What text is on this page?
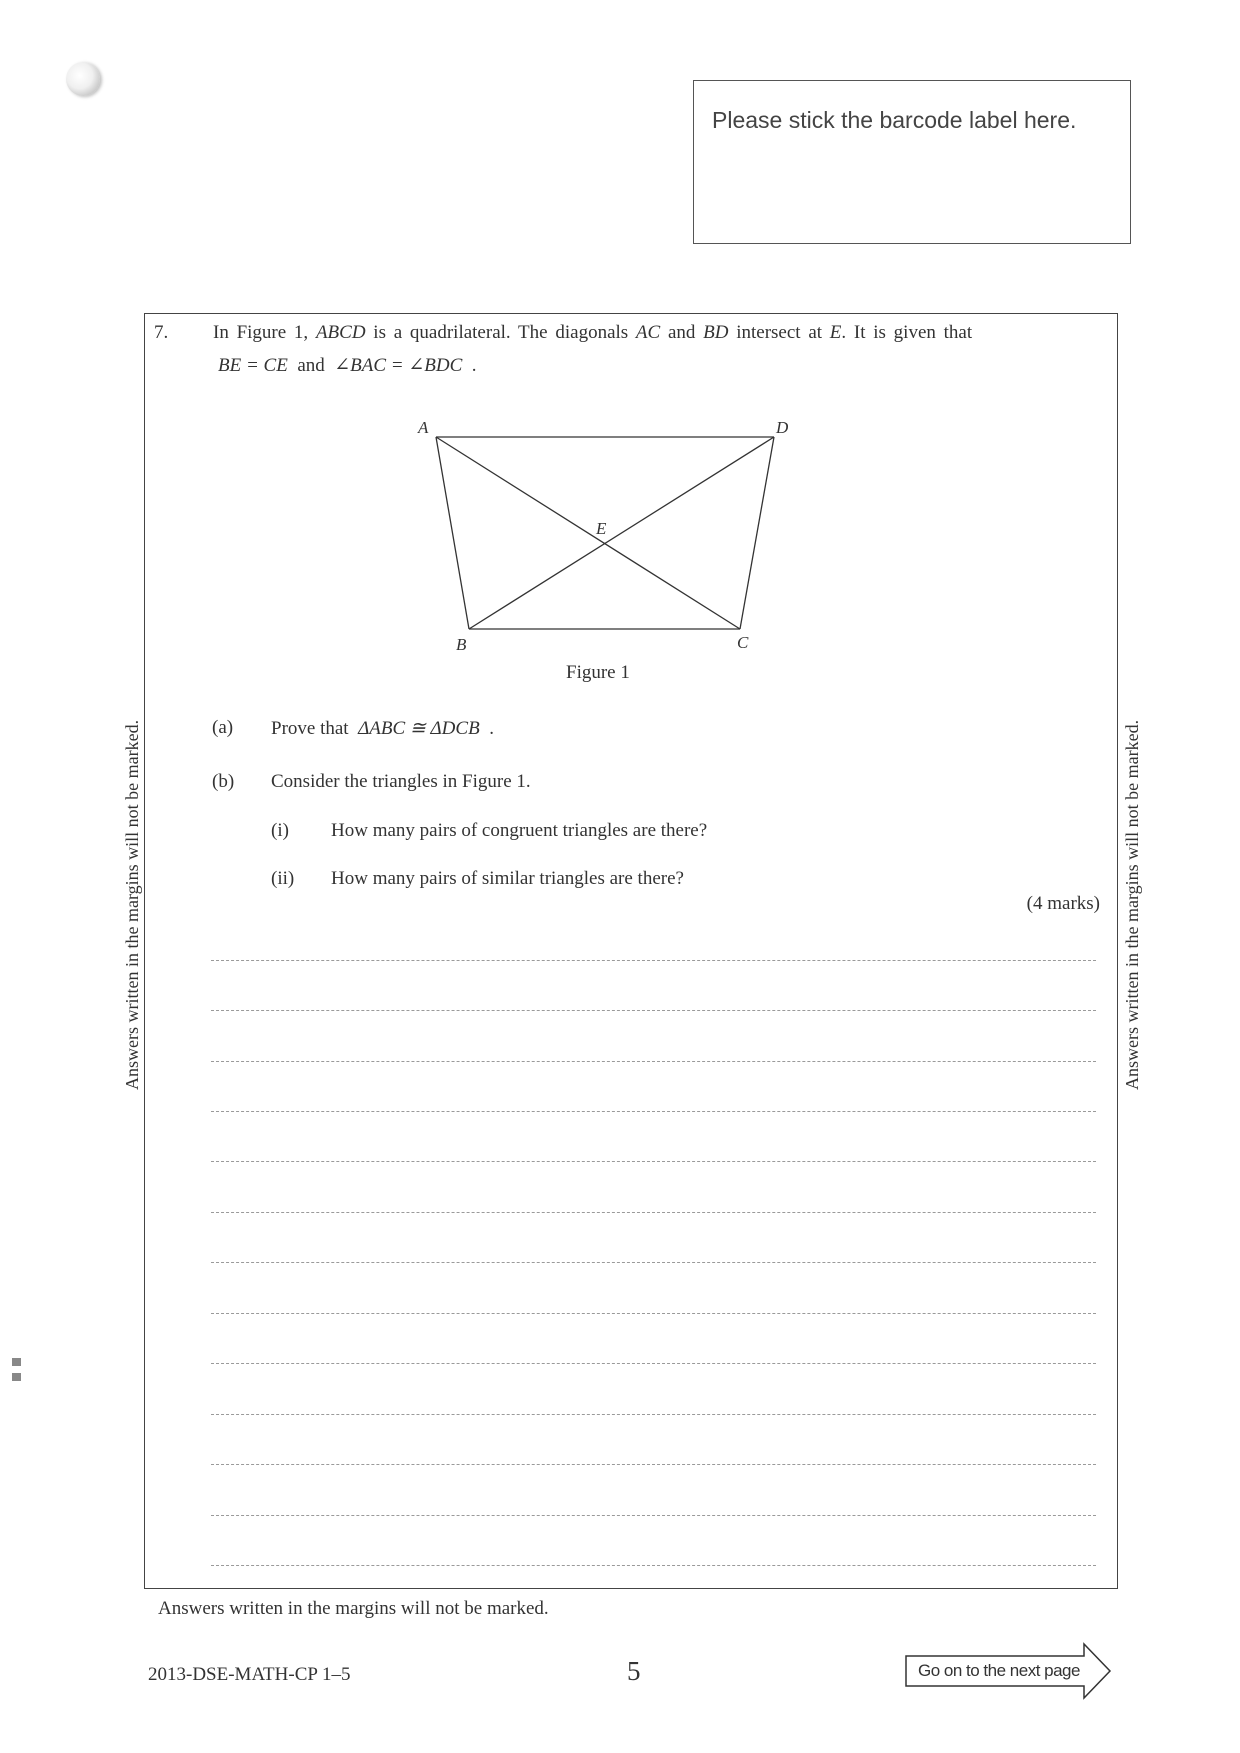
Please stick the barcode label here.
7. In Figure 1, ABCD is a quadrilateral. The diagonals AC and BD intersect at E. It is given that
BE = CE and ∠BAC = ∠BDC .
A	D
E
B	C
Figure 1
(a) Prove that ΔABC ≅ ΔDCB .
(b) Consider the triangles in Figure 1.
(i) How many pairs of congruent triangles are there?
(ii) How many pairs of similar triangles are there?
(4 marks)
Answers written in the margins will not be marked.	Answers written in the margins will not be marked.
Answers written in the margins will not be marked.
2013-DSE-MATH-CP 1–5	5	Go on to the next page
